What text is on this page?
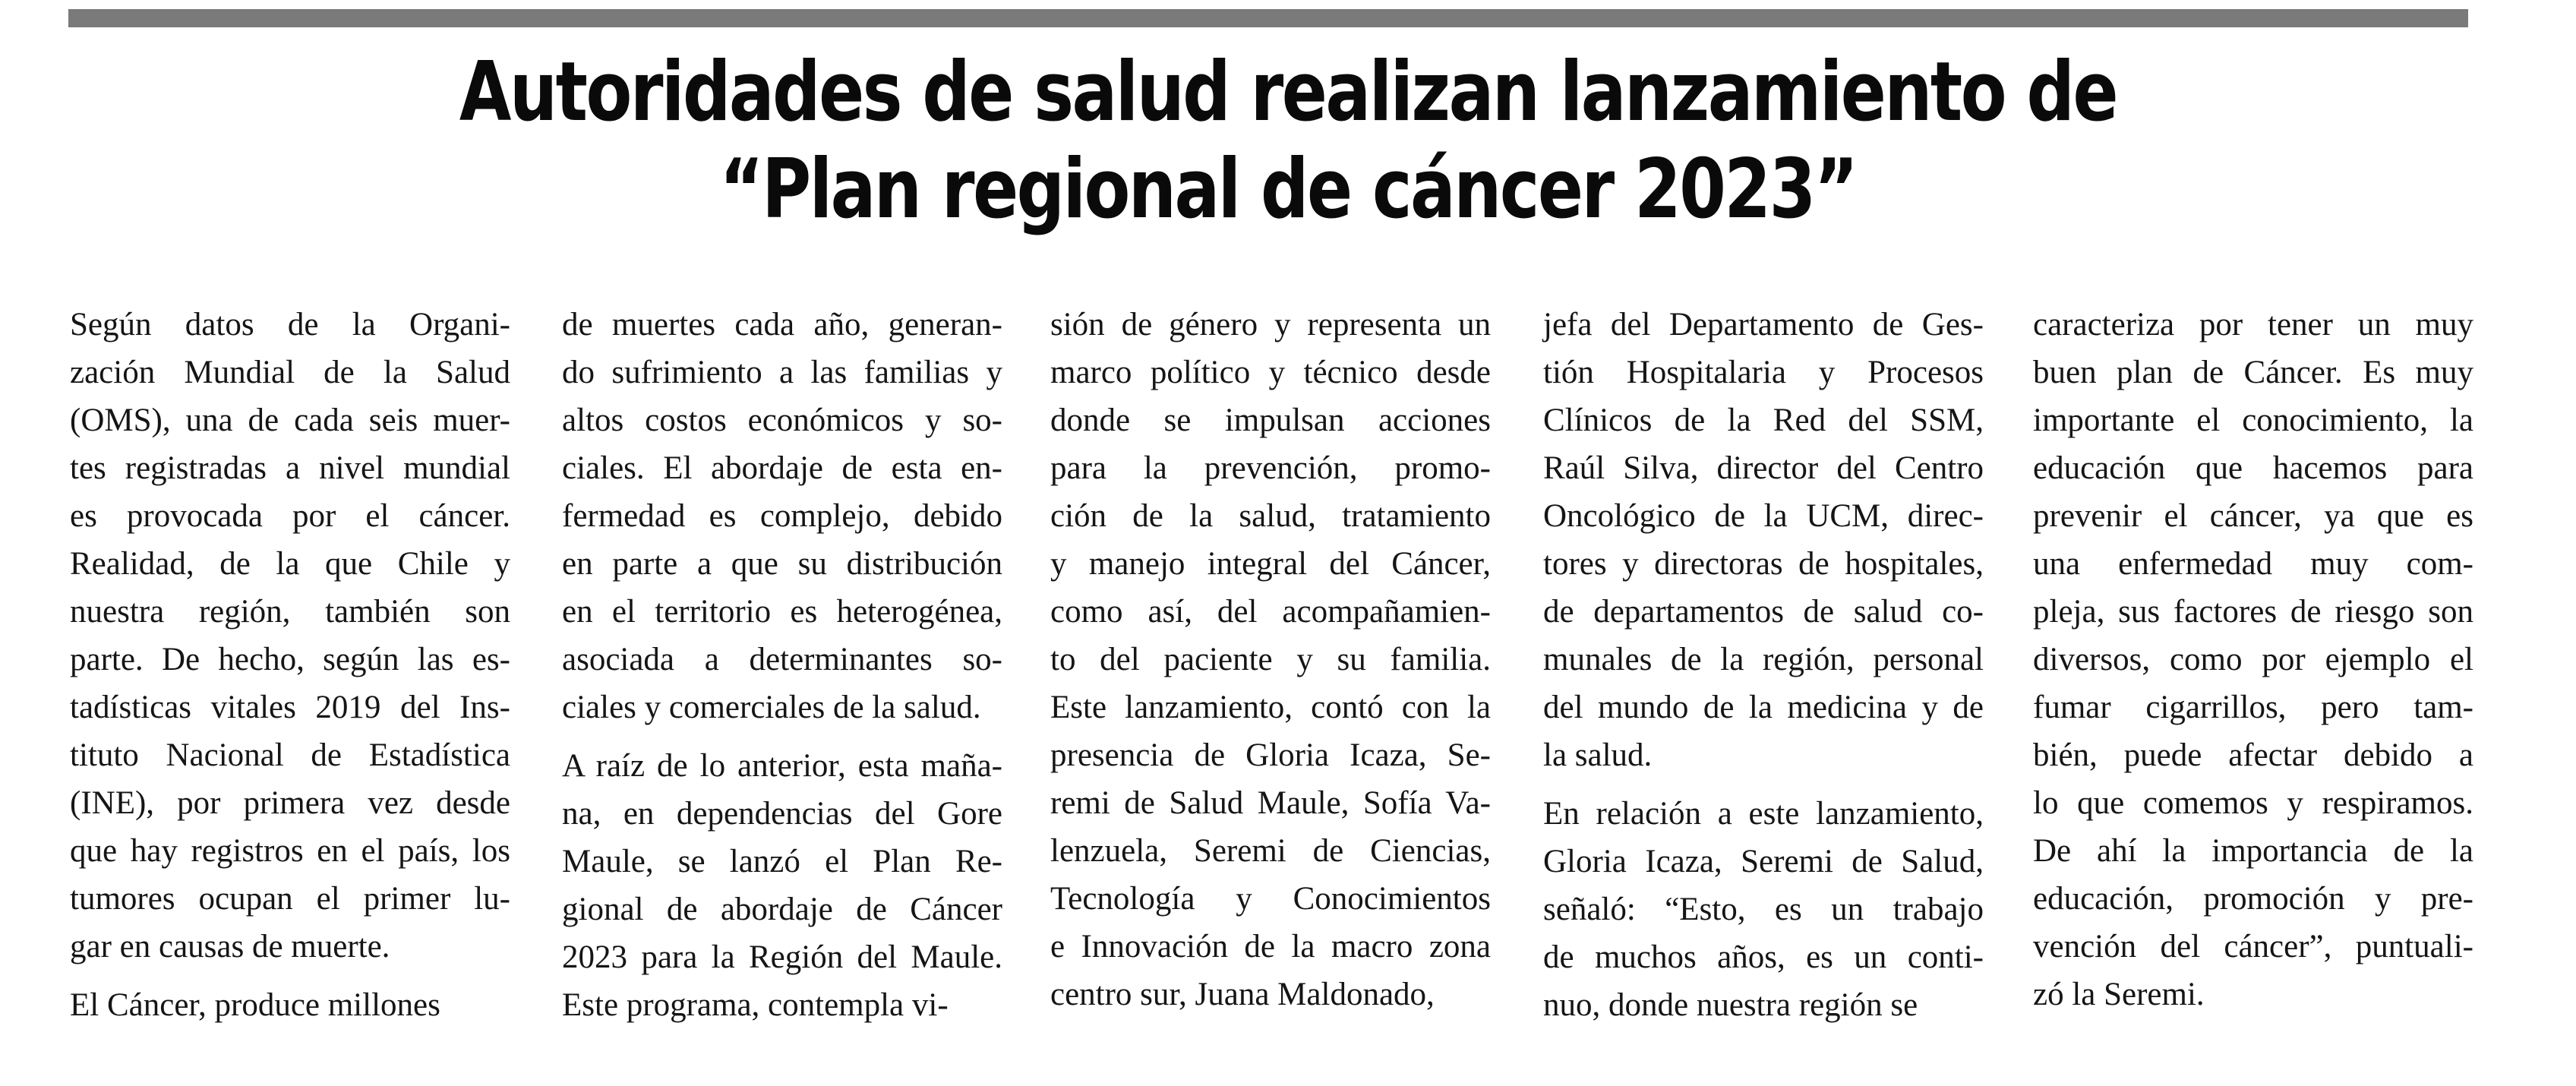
Autoridades de salud realizan lanzamiento de
“Plan regional de cáncer 2023”

Según datos de la Organi-
zación Mundial de la Salud
(OMS), una de cada seis muer-
tes registradas a nivel mundial
es provocada por el cáncer.
Realidad, de la que Chile y
nuestra región, también son
parte. De hecho, según las es-
tadísticas vitales 2019 del Ins-
tituto Nacional de Estadística
(INE), por primera vez desde
que hay registros en el país, los
tumores ocupan el primer lu-
gar en causas de muerte.

El Cáncer, produce millones

de muertes cada año, generan-
do sufrimiento a las familias y
altos costos económicos y so-
ciales. El abordaje de esta en-
fermedad es complejo, debido
en parte a que su distribución
en el territorio es heterogénea,
asociada a determinantes so-
ciales y comerciales de la salud.

A raíz de lo anterior, esta maña-
na, en dependencias del Gore
Maule, se lanzó el Plan Re-
gional de abordaje de Cáncer
2023 para la Región del Maule.
Este programa, contempla vi-

sión de género y representa un
marco político y técnico desde
donde se impulsan acciones
para la prevención, promo-
ción de la salud, tratamiento
y manejo integral del Cáncer,
como así, del acompañamien-
to del paciente y su familia.
Este lanzamiento, contó con la
presencia de Gloria Icaza, Se-
remi de Salud Maule, Sofía Va-
lenzuela, Seremi de Ciencias,
Tecnología y Conocimientos
e Innovación de la macro zona
centro sur, Juana Maldonado,

jefa del Departamento de Ges-
tión Hospitalaria y Procesos
Clínicos de la Red del SSM,
Raúl Silva, director del Centro
Oncológico de la UCM, direc-
tores y directoras de hospitales,
de departamentos de salud co-
munales de la región, personal
del mundo de la medicina y de
la salud.

En relación a este lanzamiento,
Gloria Icaza, Seremi de Salud,
señaló: “Esto, es un trabajo
de muchos años, es un conti-
nuo, donde nuestra región se

caracteriza por tener un muy
buen plan de Cáncer. Es muy
importante el conocimiento, la
educación que hacemos para
prevenir el cáncer, ya que es
una enfermedad muy com-
pleja, sus factores de riesgo son
diversos, como por ejemplo el
fumar cigarrillos, pero tam-
bién, puede afectar debido a
lo que comemos y respiramos.
De ahí la importancia de la
educación, promoción y pre-
vención del cáncer”, puntuali-
zó la Seremi.
